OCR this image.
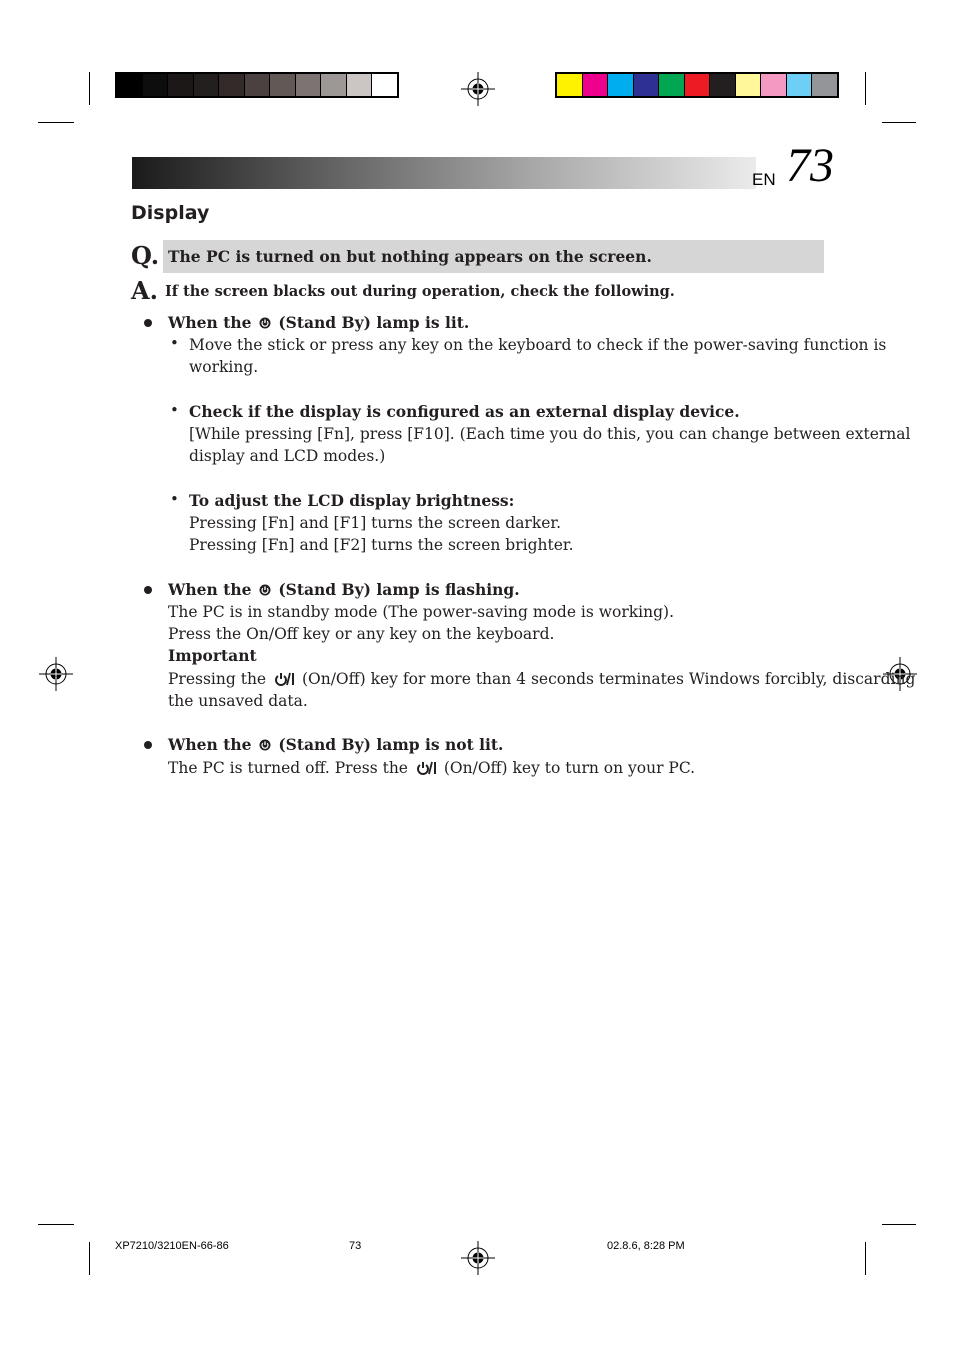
EN 73
Display
Q. The PC is turned on but nothing appears on the screen.
A. If the screen blacks out during operation, check the following.
When the (Stand By) lamp is lit.
• Move the stick or press any key on the keyboard to check if the power-saving function is
working.
• Check if the display is configured as an external display device.
[While pressing [Fn], press [F10]. (Each time you do this, you can change between external
display and LCD modes.)
• To adjust the LCD display brightness:
Pressing [Fn] and [F1] turns the screen darker.
Pressing [Fn] and [F2] turns the screen brighter.
When the (Stand By) lamp is flashing.
The PC is in standby mode (The power-saving mode is working).
Press the On/Off key or any key on the keyboard.
Important
Pressing the (On/Off) key for more than 4 seconds terminates Windows forcibly, discarding
the unsaved data.
When the (Stand By) lamp is not lit.
The PC is turned off. Press the (On/Off) key to turn on your PC.
XP7210/3210EN-66-86	73	02.8.6, 8:28 PM
